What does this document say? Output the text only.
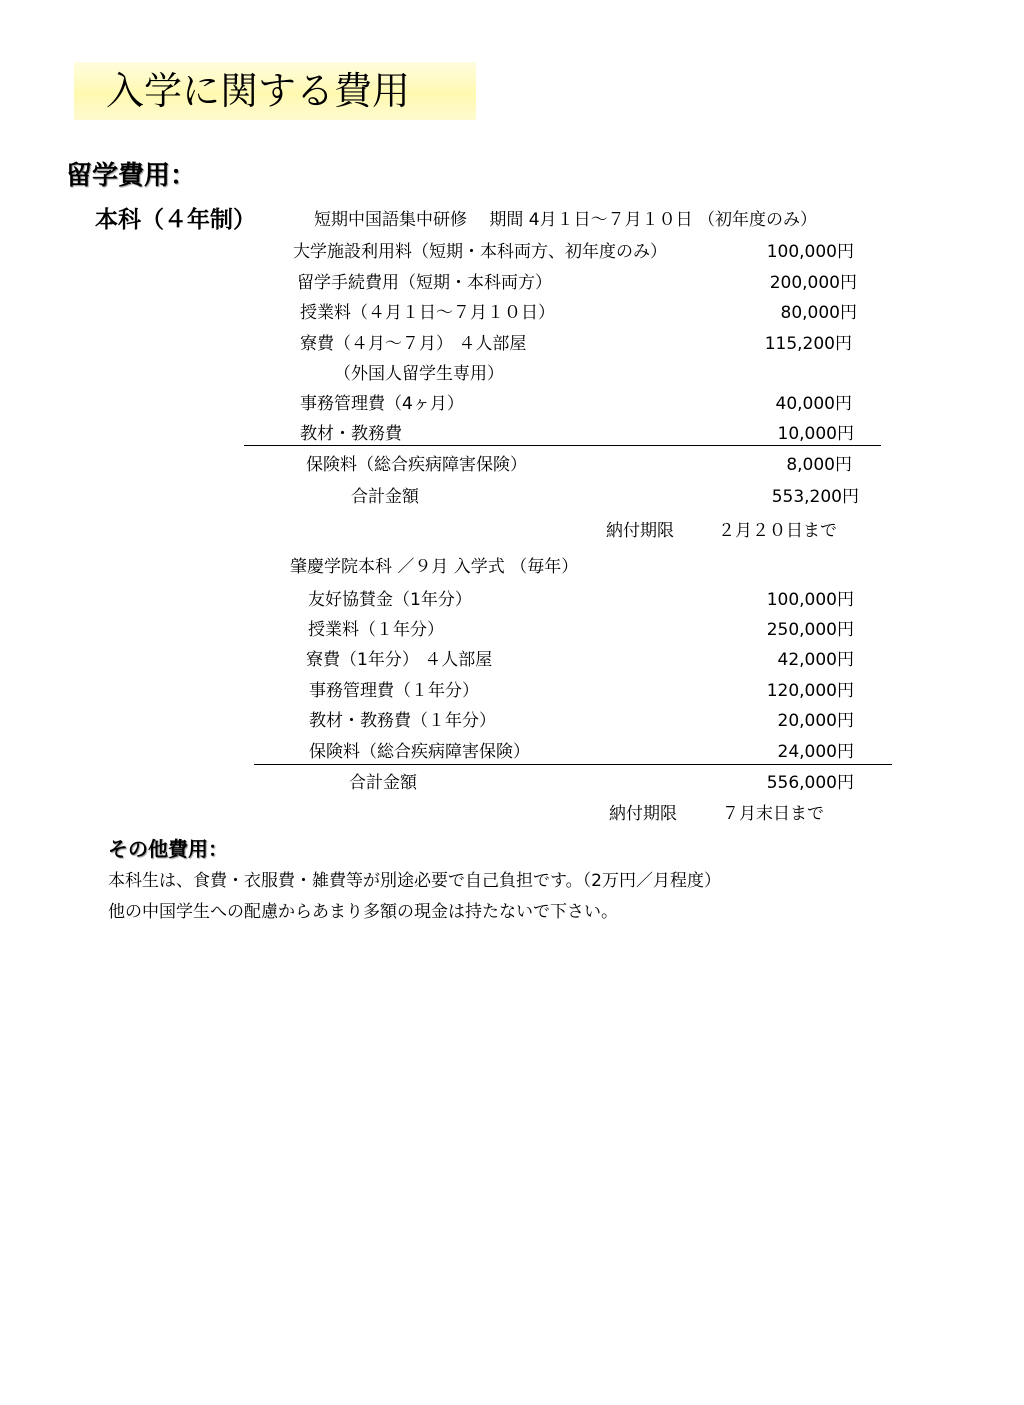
入学に関する費用
留学費用：
本科（４年制）	短期中国語集中研修　 期間 4月１日～７月１０日 （初年度のみ）
大学施設利用料（短期・本科両方、初年度のみ）	100,000円
留学手続費用（短期・本科両方）	200,000円
授業料（４月１日～７月１０日）	80,000円
寮費（４月～７月） ４人部屋	115,200円
（外国人留学生専用）
事務管理費（4ヶ月）	40,000円
教材・教務費	10,000円
保険料（総合疾病障害保険）	8,000円
合計金額	553,200円
納付期限	２月２０日まで
肇慶学院本科 ／９月 入学式 （毎年）
友好協賛金（1年分）	100,000円
授業料（１年分）	250,000円
寮費（1年分） ４人部屋	42,000円
事務管理費（１年分）	120,000円
教材・教務費（１年分）	20,000円
保険料（総合疾病障害保険）	24,000円
合計金額	556,000円
納付期限	７月末日まで
その他費用：
本科生は、食費・衣服費・雑費等が別途必要で自己負担です。（2万円／月程度）
他の中国学生への配慮からあまり多額の現金は持たないで下さい。
